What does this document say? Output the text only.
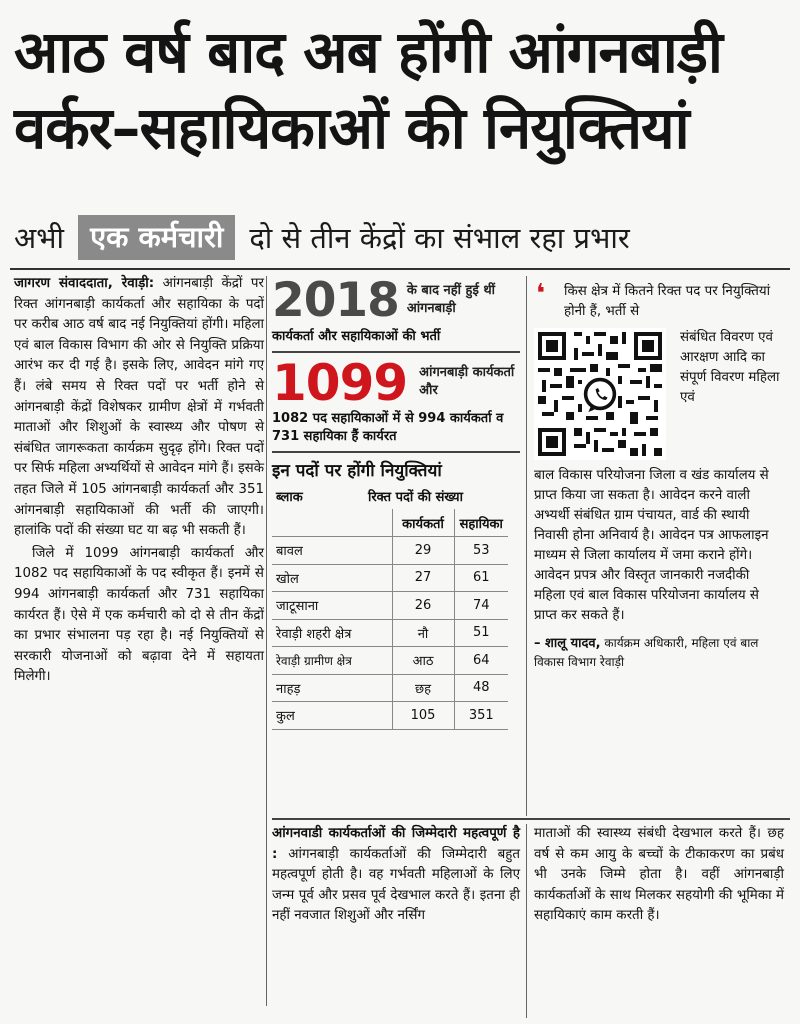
आठ वर्ष बाद अब होंगी आंगनबाड़ी
वर्कर–सहायिकाओं की नियुक्तियां
अभी एक कर्मचारी दो से तीन केंद्रों का संभाल रहा प्रभार

जागरण संवाददाता, रेवाड़ी: आंगनबाड़ी केंद्रों पर रिक्त आंगनबाड़ी कार्यकर्ता और सहायिका के पदों पर करीब आठ वर्ष बाद नई नियुक्तियां होंगी। महिला एवं बाल विकास विभाग की ओर से नियुक्ति प्रक्रिया आरंभ कर दी गई है। इसके लिए, आवेदन मांगे गए हैं। लंबे समय से रिक्त पदों पर भर्ती होने से आंगनबाड़ी केंद्रों विशेषकर ग्रामीण क्षेत्रों में गर्भवती माताओं और शिशुओं के स्वास्थ्य और पोषण से संबंधित जागरूकता कार्यक्रम सुदृढ़ होंगे। रिक्त पदों पर सिर्फ महिला अभ्यर्थियों से आवेदन मांगे हैं। इसके तहत जिले में 105 आंगनबाड़ी कार्यकर्ता और 351 आंगनबाड़ी सहायिकाओं की भर्ती की जाएगी। हालांकि पदों की संख्या घट या बढ़ भी सकती हैं।

जिले में 1099 आंगनबाड़ी कार्यकर्ता और 1082 पद सहायिकाओं के पद स्वीकृत हैं। इनमें से 994 आंगनबाड़ी कार्यकर्ता और 731 सहायिका कार्यरत हैं। ऐसे में एक कर्मचारी को दो से तीन केंद्रों का प्रभार संभालना पड़ रहा है। नई नियुक्तियों से सरकारी योजनाओं को बढ़ावा देने में सहायता मिलेगी।

2018 के बाद नहीं हुई थीं आंगनबाड़ी
कार्यकर्ता और सहायिकाओं की भर्ती
1099 आंगनबाड़ी कार्यकर्ता और
1082 पद सहायिकाओं में से 994 कार्यकर्ता व 731 सहायिका हैं कार्यरत
इन पदों पर होंगी नियुक्तियां
ब्लाक	रिक्त पदों की संख्या
	कार्यकर्ता	सहायिका
बावल	29	53
खोल	27	61
जाटूसाना	26	74
रेवाड़ी शहरी क्षेत्र	नौ	51
रेवाड़ी ग्रामीण क्षेत्र	आठ	64
नाहड़	छह	48
कुल	105	351
❛ किस क्षेत्र में कितने रिक्त पद पर नियुक्तियां होनी हैं, भर्ती से
संबंधित विवरण एवं आरक्षण आदि का संपूर्ण विवरण महिला एवं
बाल विकास परियोजना जिला व खंड कार्यालय से प्राप्त किया जा सकता है। आवेदन करने वाली अभ्यर्थी संबंधित ग्राम पंचायत, वार्ड की स्थायी निवासी होना अनिवार्य है। आवेदन पत्र आफलाइन माध्यम से जिला कार्यालय में जमा कराने होंगे। आवेदन प्रपत्र और विस्तृत जानकारी नजदीकी महिला एवं बाल विकास परियोजना कार्यालय से प्राप्त कर सकते हैं।
– शालू यादव, कार्यक्रम अधिकारी, महिला एवं बाल विकास विभाग रेवाड़ी
आंगनवाडी कार्यकर्ताओं की जिम्मेदारी महत्वपूर्ण है : आंगनबाड़ी कार्यकर्ताओं की जिम्मेदारी बहुत महत्वपूर्ण होती है। वह गर्भवती महिलाओं के लिए जन्म पूर्व और प्रसव पूर्व देखभाल करते हैं। इतना ही नहीं नवजात शिशुओं और नर्सिंग
माताओं की स्वास्थ्य संबंधी देखभाल करते हैं। छह वर्ष से कम आयु के बच्चों के टीकाकरण का प्रबंध भी उनके जिम्मे होता है। वहीं आंगनबाड़ी कार्यकर्ताओं के साथ मिलकर सहयोगी की भूमिका में सहायिकाएं काम करती हैं।
